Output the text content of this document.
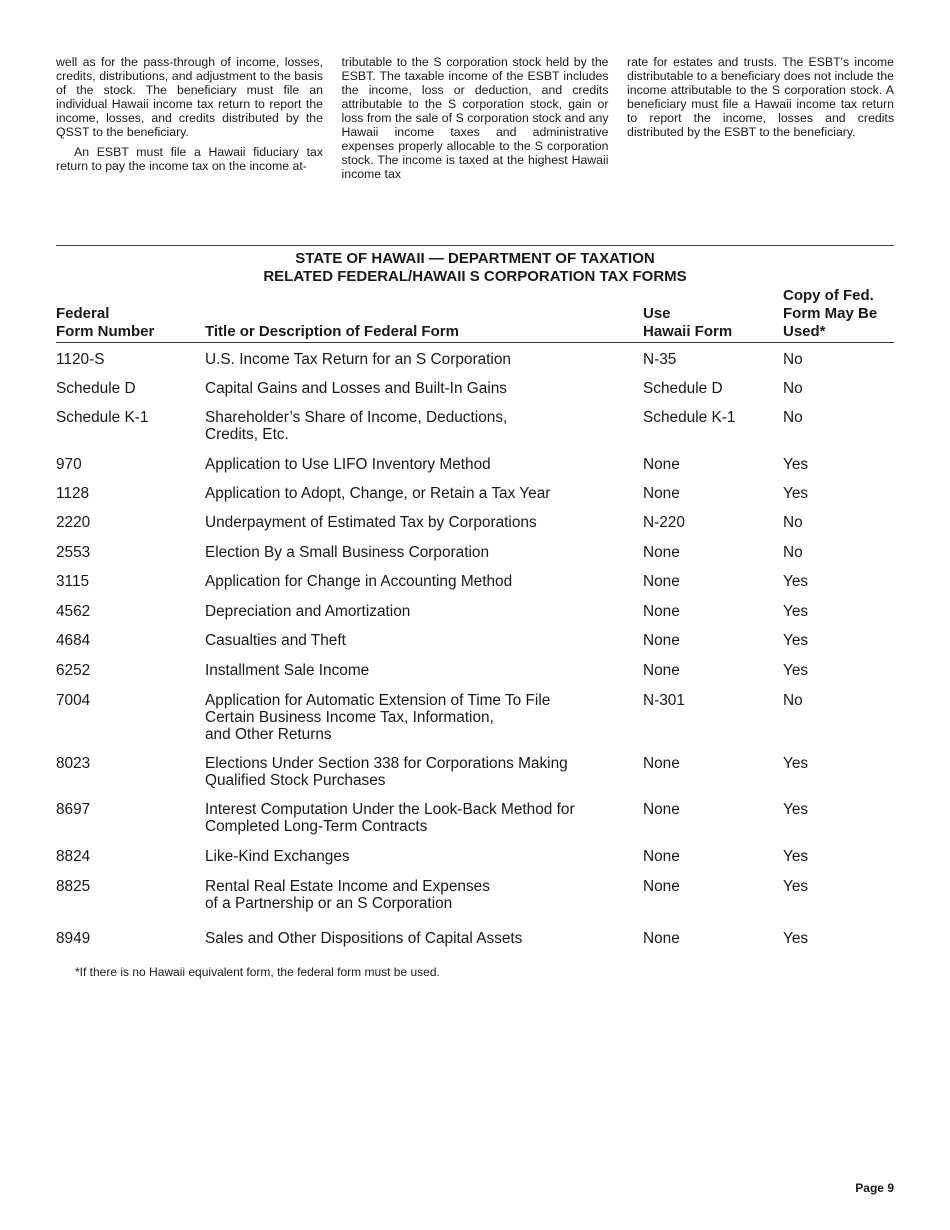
well as for the pass-through of income, losses, credits, distributions, and adjustment to the basis of the stock. The beneficiary must file an individual Hawaii income tax return to report the income, losses, and credits distributed by the QSST to the beneficiary.

An ESBT must file a Hawaii fiduciary tax return to pay the income tax on the income at-

tributable to the S corporation stock held by the ESBT. The taxable income of the ESBT includes the income, loss or deduction, and credits attributable to the S corporation stock, gain or loss from the sale of S corporation stock and any Hawaii income taxes and administrative expenses properly allocable to the S corporation stock. The income is taxed at the highest Hawaii income tax

rate for estates and trusts. The ESBT's income distributable to a beneficiary does not include the income attributable to the S corporation stock. A beneficiary must file a Hawaii income tax return to report the income, losses and credits distributed by the ESBT to the beneficiary.

STATE OF HAWAII — DEPARTMENT OF TAXATION
RELATED FEDERAL/HAWAII S CORPORATION TAX FORMS
Federal
Form Number	Title or Description of Federal Form
Use
Hawaii Form
Copy of Fed.
Form May Be
Used*
1120-S	U.S. Income Tax Return for an S Corporation	N-35	No
Schedule D	Capital Gains and Losses and Built-In Gains	Schedule D	No
Schedule K-1	Shareholder’s Share of Income, Deductions,
Credits, Etc.
Schedule K-1	No
970	Application to Use LIFO Inventory Method	None	Yes
1128	Application to Adopt, Change, or Retain a Tax Year	None	Yes
2220	Underpayment of Estimated Tax by Corporations	N-220	No
2553	Election By a Small Business Corporation	None	No
3115	Application for Change in Accounting Method	None	Yes
4562	Depreciation and Amortization	None	Yes
4684	Casualties and Theft	None	Yes
6252	Installment Sale Income	None	Yes
7004	Application for Automatic Extension of Time To File
Certain Business Income Tax, Information,
and Other Returns
N-301	No
8023	Elections Under Section 338 for Corporations Making
Qualified Stock Purchases
None	Yes
8697	Interest Computation Under the Look-Back Method for
Completed Long-Term Contracts
None	Yes
8824	Like-Kind Exchanges	None	Yes
8825	Rental Real Estate Income and Expenses
of a Partnership or an S Corporation
None	Yes
8949	Sales and Other Dispositions of Capital Assets	None	Yes
*If there is no Hawaii equivalent form, the federal form must be used.
Page 9
